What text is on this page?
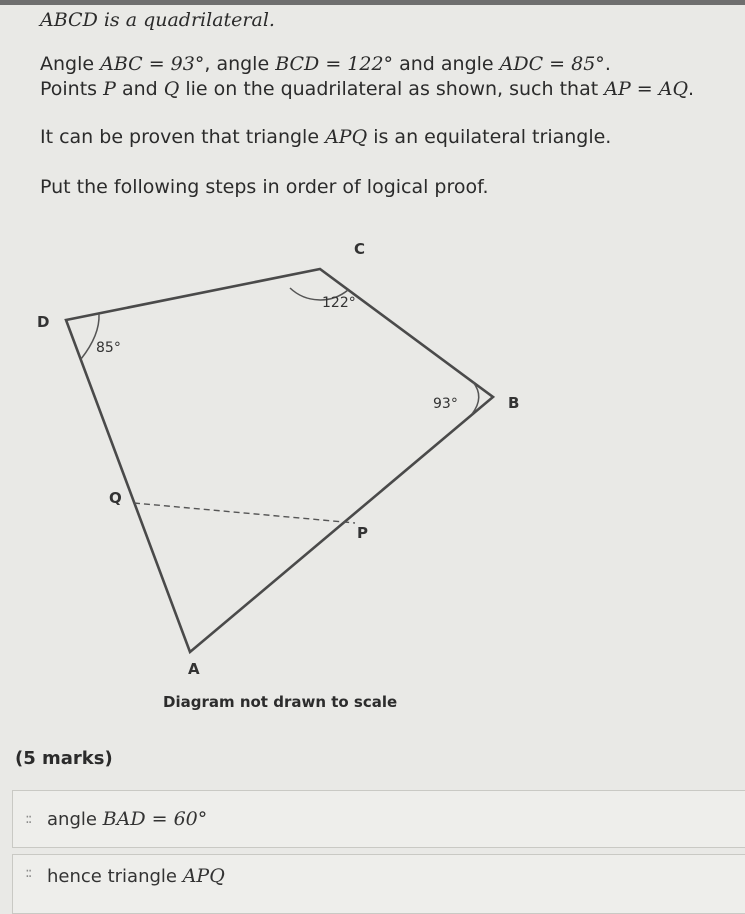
ABCD is a quadrilateral.

Angle ABC = 93°, angle BCD = 122° and angle ADC = 85°.

Points P and Q lie on the quadrilateral as shown, such that AP = AQ.

It can be proven that triangle APQ is an equilateral triangle.

Put the following steps in order of logical proof.

C
D
B
Q
P
A
122°
85°
93°
Diagram not drawn to scale
(5 marks)
:: angle BAD = 60°
:: hence triangle APQ
